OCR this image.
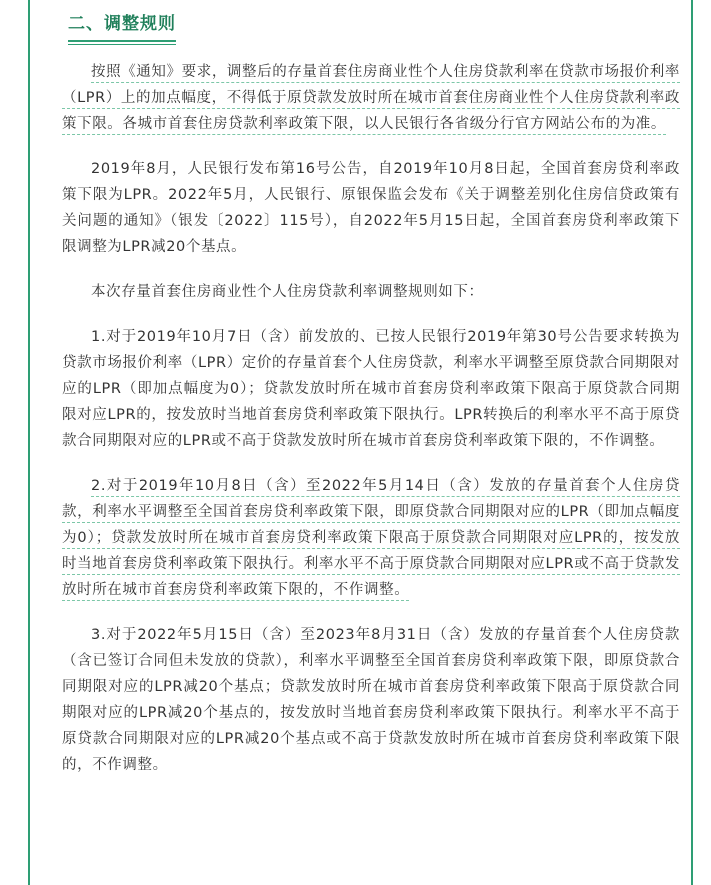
二、调整规则

按照《通知》要求，调整后的存量首套住房商业性个人住房贷款利率在贷款市场报价利率（LPR）上的加点幅度，不得低于原贷款发放时所在城市首套住房商业性个人住房贷款利率政策下限。各城市首套住房贷款利率政策下限，以人民银行各省级分行官方网站公布的为准。

2019年8月，人民银行发布第16号公告，自2019年10月8日起，全国首套房贷利率政策下限为LPR。2022年5月，人民银行、原银保监会发布《关于调整差别化住房信贷政策有关问题的通知》（银发〔2022〕115号），自2022年5月15日起，全国首套房贷利率政策下限调整为LPR减20个基点。

本次存量首套住房商业性个人住房贷款利率调整规则如下：

1.对于2019年10月7日（含）前发放的、已按人民银行2019年第30号公告要求转换为贷款市场报价利率（LPR）定价的存量首套个人住房贷款，利率水平调整至原贷款合同期限对应的LPR（即加点幅度为0）；贷款发放时所在城市首套房贷利率政策下限高于原贷款合同期限对应LPR的，按发放时当地首套房贷利率政策下限执行。LPR转换后的利率水平不高于原贷款合同期限对应的LPR或不高于贷款发放时所在城市首套房贷利率政策下限的，不作调整。

2.对于2019年10月8日（含）至2022年5月14日（含）发放的存量首套个人住房贷款，利率水平调整至全国首套房贷利率政策下限，即原贷款合同期限对应的LPR（即加点幅度为0）；贷款发放时所在城市首套房贷利率政策下限高于原贷款合同期限对应LPR的，按发放时当地首套房贷利率政策下限执行。利率水平不高于原贷款合同期限对应LPR或不高于贷款发放时所在城市首套房贷利率政策下限的，不作调整。

3.对于2022年5月15日（含）至2023年8月31日（含）发放的存量首套个人住房贷款（含已签订合同但未发放的贷款），利率水平调整至全国首套房贷利率政策下限，即原贷款合同期限对应的LPR减20个基点；贷款发放时所在城市首套房贷利率政策下限高于原贷款合同期限对应的LPR减20个基点的，按发放时当地首套房贷利率政策下限执行。利率水平不高于原贷款合同期限对应的LPR减20个基点或不高于贷款发放时所在城市首套房贷利率政策下限的，不作调整。
